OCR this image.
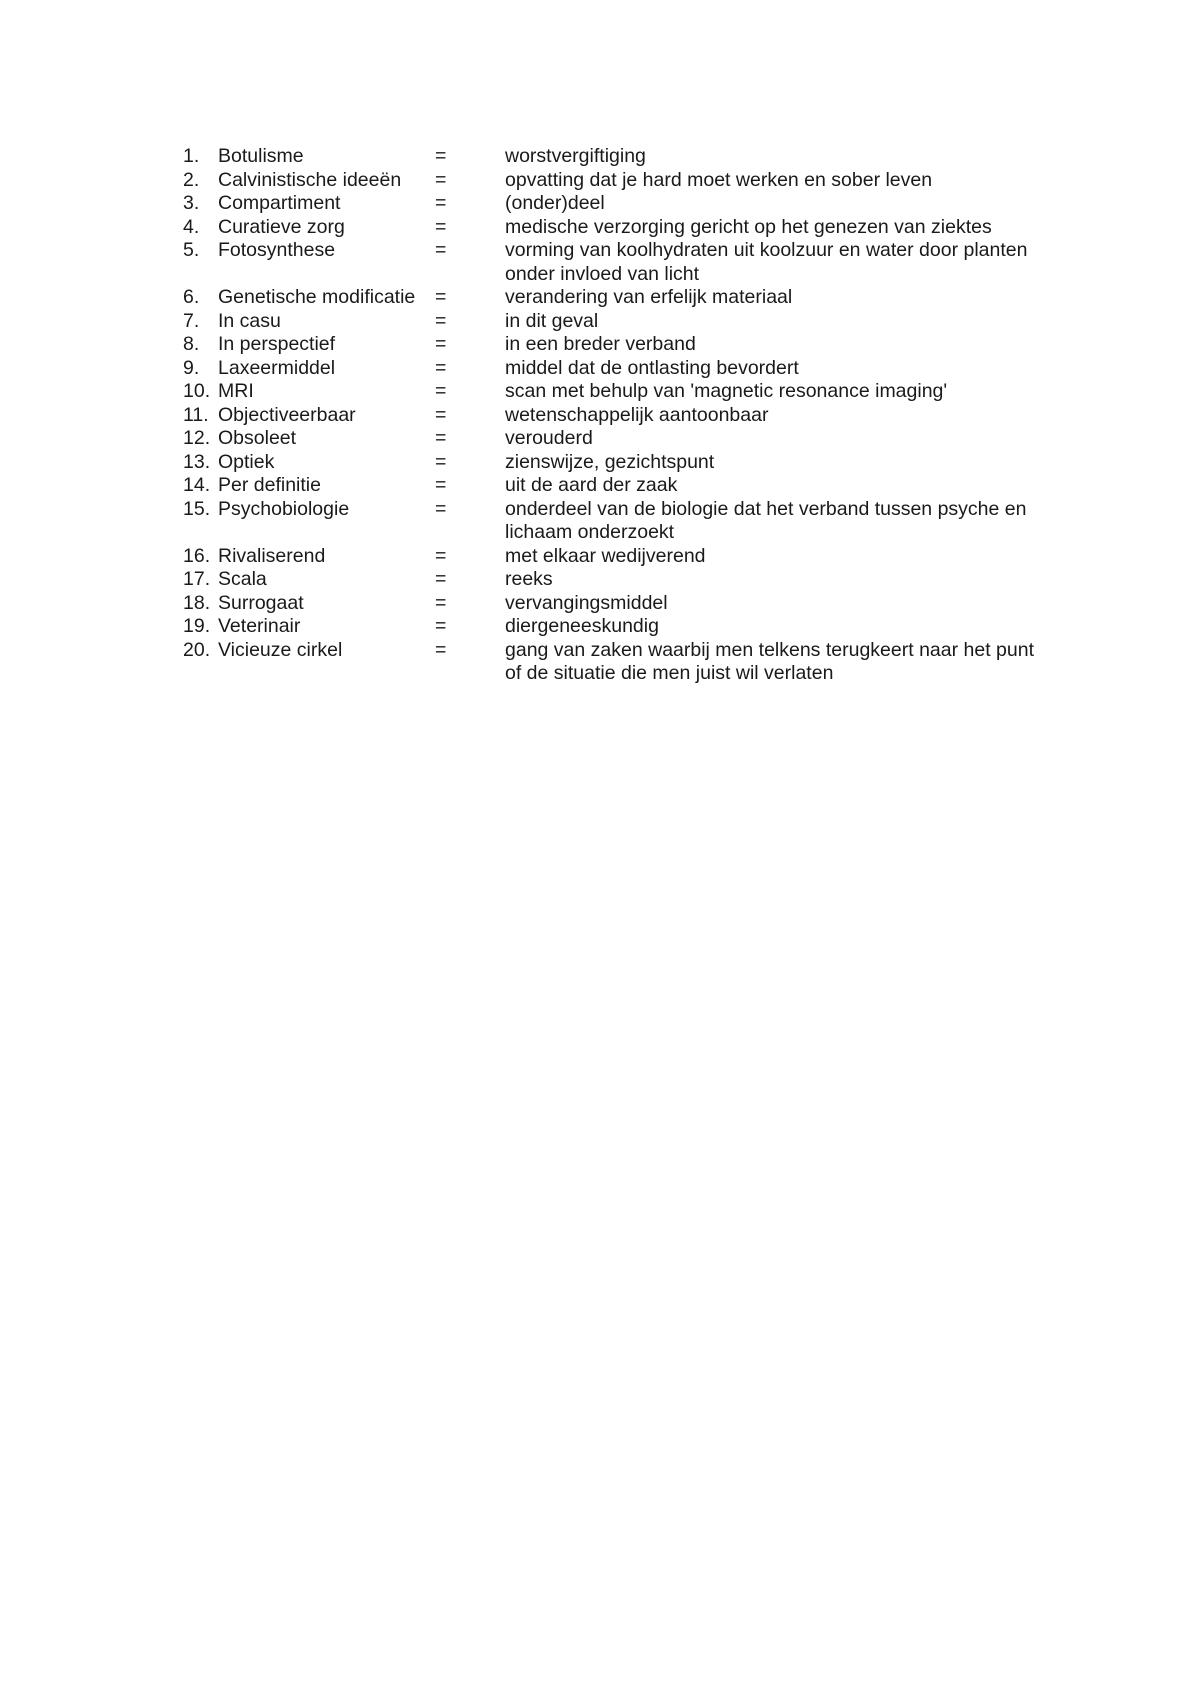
1. Botulisme	=	worstvergiftiging
2. Calvinistische ideeën	=	opvatting dat je hard moet werken en sober leven
3. Compartiment	=	(onder)deel
4. Curatieve zorg	=	medische verzorging gericht op het genezen van ziektes
5. Fotosynthese	=	vorming van koolhydraten uit koolzuur en water door planten
onder invloed van licht
6. Genetische modificatie	=	verandering van erfelijk materiaal
7. In casu	=	in dit geval
8. In perspectief	=	in een breder verband
9. Laxeermiddel	=	middel dat de ontlasting bevordert
10. MRI	=	scan met behulp van 'magnetic resonance imaging'
11. Objectiveerbaar	=	wetenschappelijk aantoonbaar
12. Obsoleet	=	verouderd
13. Optiek	=	zienswijze, gezichtspunt
14. Per definitie	=	uit de aard der zaak
15. Psychobiologie	=	onderdeel van de biologie dat het verband tussen psyche en
lichaam onderzoekt
16. Rivaliserend	=	met elkaar wedijverend
17. Scala	=	reeks
18. Surrogaat	=	vervangingsmiddel
19. Veterinair	=	diergeneeskundig
20. Vicieuze cirkel	=	gang van zaken waarbij men telkens terugkeert naar het punt
of de situatie die men juist wil verlaten
